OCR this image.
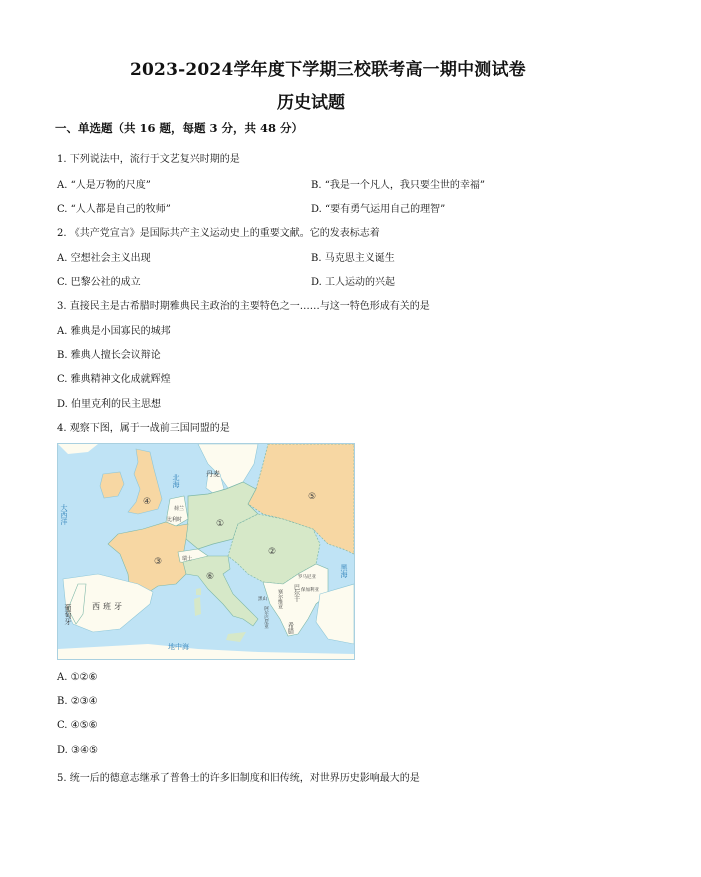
2023-2024学年度下学期三校联考高一期中测试卷
历史试题
一、单选题（共 16 题，每题 3 分，共 48 分）
1. 下列说法中，流行于文艺复兴时期的是
A. “人是万物的尺度”	B. “我是一个凡人，我只要尘世的幸福”
C. “人人都是自己的牧师”	D. “要有勇气运用自己的理智”
2. 《共产党宣言》是国际共产主义运动史上的重要文献。它的发表标志着
A. 空想社会主义出现	B. 马克思主义诞生
C. 巴黎公社的成立	D. 工人运动的兴起
3. 直接民主是古希腊时期雅典民主政治的主要特色之一……与这一特色形成有关的是
A. 雅典是小国寡民的城邦
B. 雅典人擅长会议辩论
C. 雅典精神文化成就辉煌
D. 伯里克利的民主思想
4. 观察下图，属于一战前三国同盟的是
④
①
②
③
⑤
⑥
丹麦
荷兰
比利时
瑞士
葡萄牙	西班牙
罗马尼亚
保加利亚
塞尔维亚
黑山
阿尔巴尼亚	希腊
巴尔干
大西洋
北海
地中海
黑海
A. ①②⑥
B. ②③④
C. ④⑤⑥
D. ③④⑤
5. 统一后的德意志继承了普鲁士的许多旧制度和旧传统，对世界历史影响最大的是
